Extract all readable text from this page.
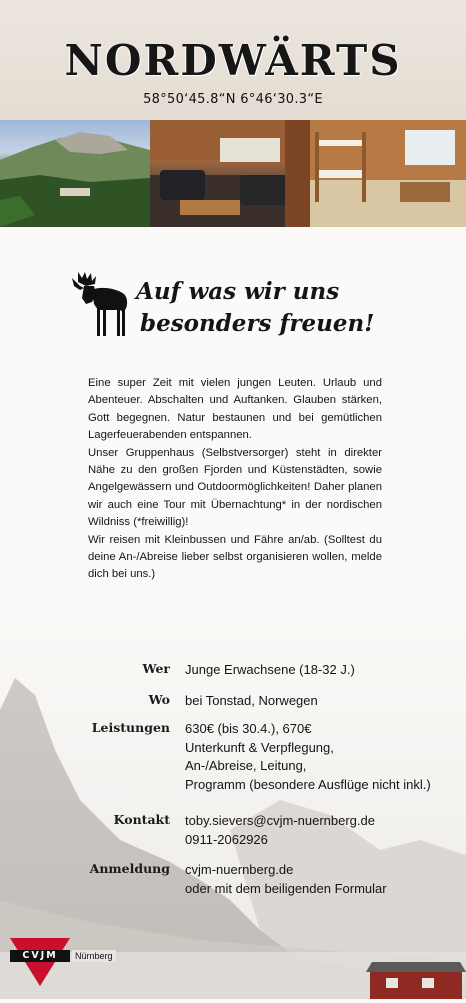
NORDWÄRTS
58°50‘45.8“N 6°46‘30.3“E
Auf was wir uns
besonders freuen!

Eine super Zeit mit vielen jungen Leuten. Urlaub und Abenteuer. Abschalten und Auftanken. Glauben stärken, Gott begegnen. Natur bestaunen und bei gemütlichen Lagerfeuerabenden entspannen.

Unser Gruppenhaus (Selbstversorger) steht in direkter Nähe zu den großen Fjorden und Küstenstädten, sowie Angelgewässern und Outdoormöglichkeiten! Daher planen wir auch eine Tour mit Übernachtung* in der nordischen Wildniss (*freiwillig)!

Wir reisen mit Kleinbussen und Fähre an/ab. (Solltest du deine An-/Abreise lieber selbst organisieren wollen, melde dich bei uns.)

Wer Junge Erwachsene (18-32 J.)
Wo bei Tonstad, Norwegen
Leistungen 630€ (bis 30.4.), 670€
Unterkunft & Verpflegung,
An-/Abreise, Leitung,
Programm (besondere Ausflüge nicht inkl.)
Kontakt toby.sievers@cvjm-nuernberg.de
0911-2062926
Anmeldung cvjm-nuernberg.de
oder mit dem beiligenden Formular
CVJM	Nürnberg
